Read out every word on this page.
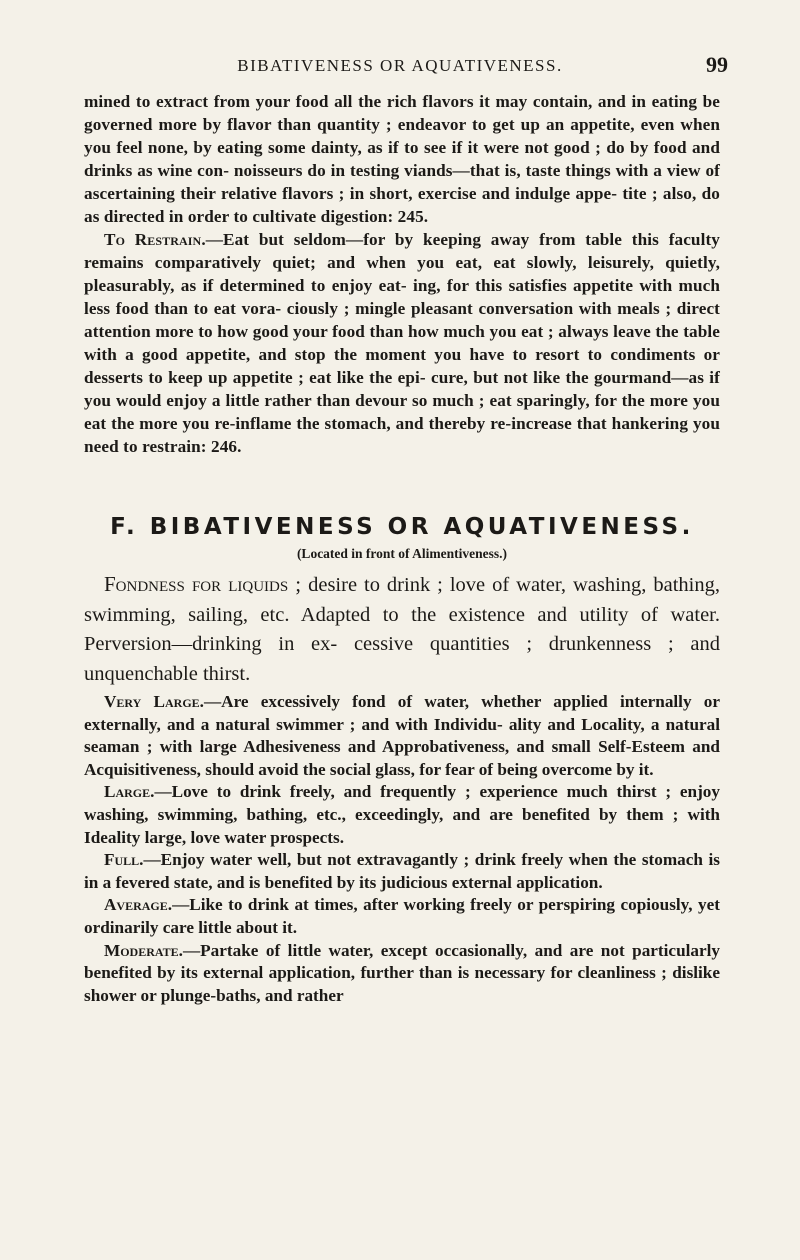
BIBATIVENESS OR AQUATIVENESS.	99

mined to extract from your food all the rich flavors it may contain, and in eating be governed more by flavor than quantity ; endeavor to get up an appetite, even when you feel none, by eating some dainty, as if to see if it were not good ; do by food and drinks as wine con- noisseurs do in testing viands—that is, taste things with a view of ascertaining their relative flavors ; in short, exercise and indulge appe- tite ; also, do as directed in order to cultivate digestion: 245.

To Restrain.—Eat but seldom—for by keeping away from table this faculty remains comparatively quiet; and when you eat, eat slowly, leisurely, quietly, pleasurably, as if determined to enjoy eat- ing, for this satisfies appetite with much less food than to eat vora- ciously ; mingle pleasant conversation with meals ; direct attention more to how good your food than how much you eat ; always leave the table with a good appetite, and stop the moment you have to resort to condiments or desserts to keep up appetite ; eat like the epi- cure, but not like the gourmand—as if you would enjoy a little rather than devour so much ; eat sparingly, for the more you eat the more you re-inflame the stomach, and thereby re-increase that hankering you need to restrain: 246.

F. BIBATIVENESS OR AQUATIVENESS.
(Located in front of Alimentiveness.)

Fondness for liquids ; desire to drink ; love of water, washing, bathing, swimming, sailing, etc. Adapted to the existence and utility of water. Perversion—drinking in ex- cessive quantities ; drunkenness ; and unquenchable thirst.

Very Large.—Are excessively fond of water, whether applied internally or externally, and a natural swimmer ; and with Individu- ality and Locality, a natural seaman ; with large Adhesiveness and Approbativeness, and small Self-Esteem and Acquisitiveness, should avoid the social glass, for fear of being overcome by it.

Large.—Love to drink freely, and frequently ; experience much thirst ; enjoy washing, swimming, bathing, etc., exceedingly, and are benefited by them ; with Ideality large, love water prospects.

Full.—Enjoy water well, but not extravagantly ; drink freely when the stomach is in a fevered state, and is benefited by its judicious external application.

Average.—Like to drink at times, after working freely or perspiring copiously, yet ordinarily care little about it.

Moderate.—Partake of little water, except occasionally, and are not particularly benefited by its external application, further than is necessary for cleanliness ; dislike shower or plunge-baths, and rather
